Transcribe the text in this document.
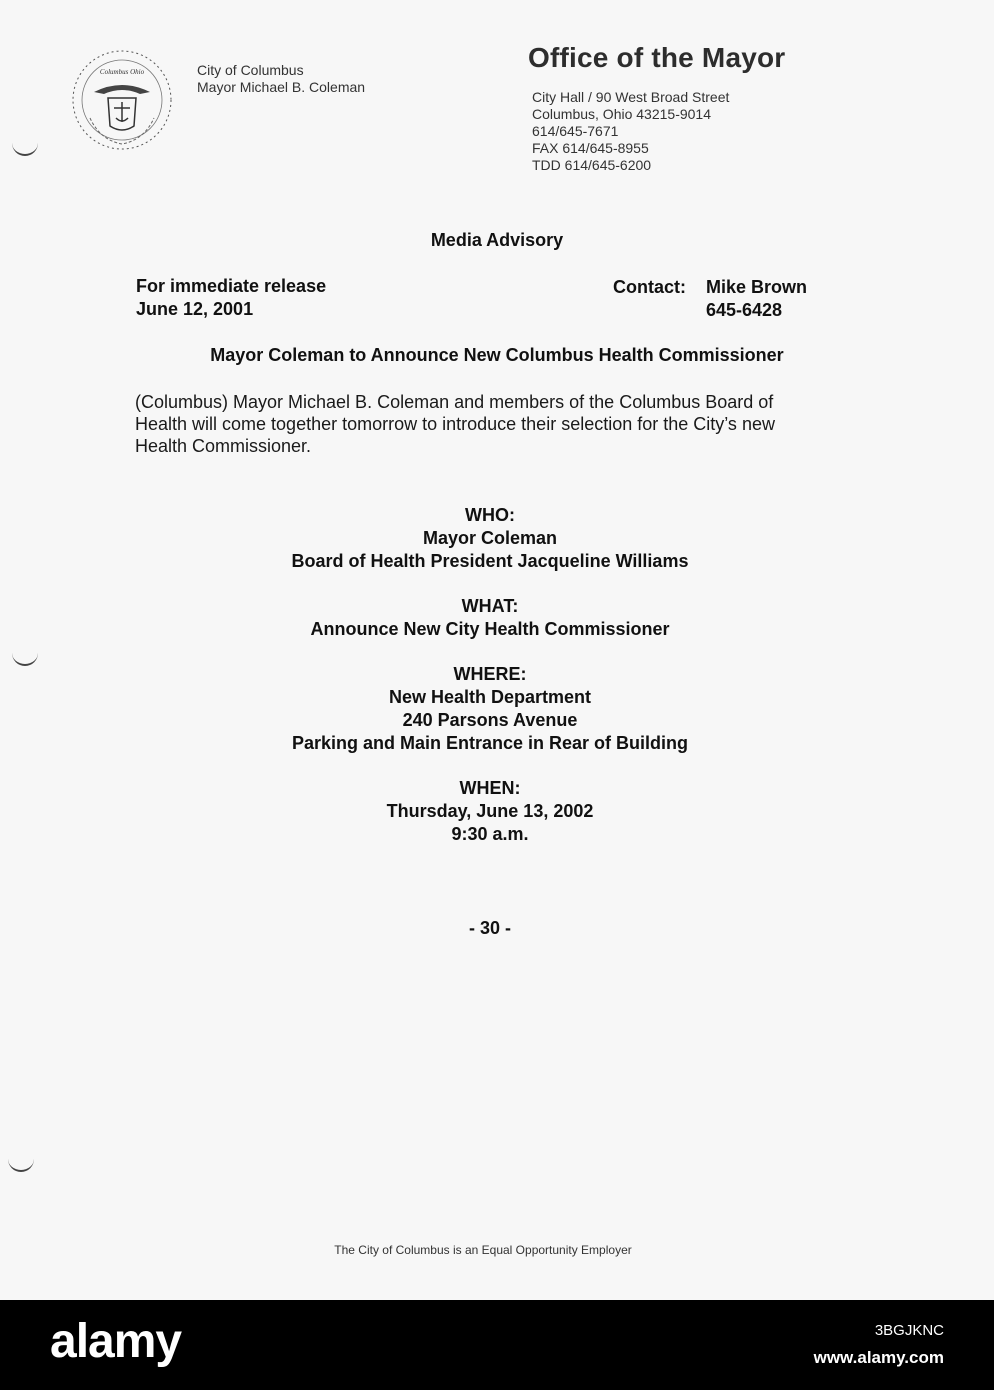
Columbus Ohio	City of Columbus
Mayor Michael B. Coleman
Office of the Mayor
City Hall / 90 West Broad Street
Columbus, Ohio 43215-9014
614/645-7671
FAX 614/645-8955
TDD 614/645-6200
Media Advisory
For immediate release
June 12, 2001
Contact: Mike Brown
645-6428
Mayor Coleman to Announce New Columbus Health Commissioner
(Columbus) Mayor Michael B. Coleman and members of the Columbus Board of
Health will come together tomorrow to introduce their selection for the City’s new
Health Commissioner.
WHO:
Mayor Coleman
Board of Health President Jacqueline Williams
WHAT:
Announce New City Health Commissioner
WHERE:
New Health Department
240 Parsons Avenue
Parking and Main Entrance in Rear of Building
WHEN:
Thursday, June 13, 2002
9:30 a.m.
- 30 -
The City of Columbus is an Equal Opportunity Employer
alamy	3BGJKNC
www.alamy.com
